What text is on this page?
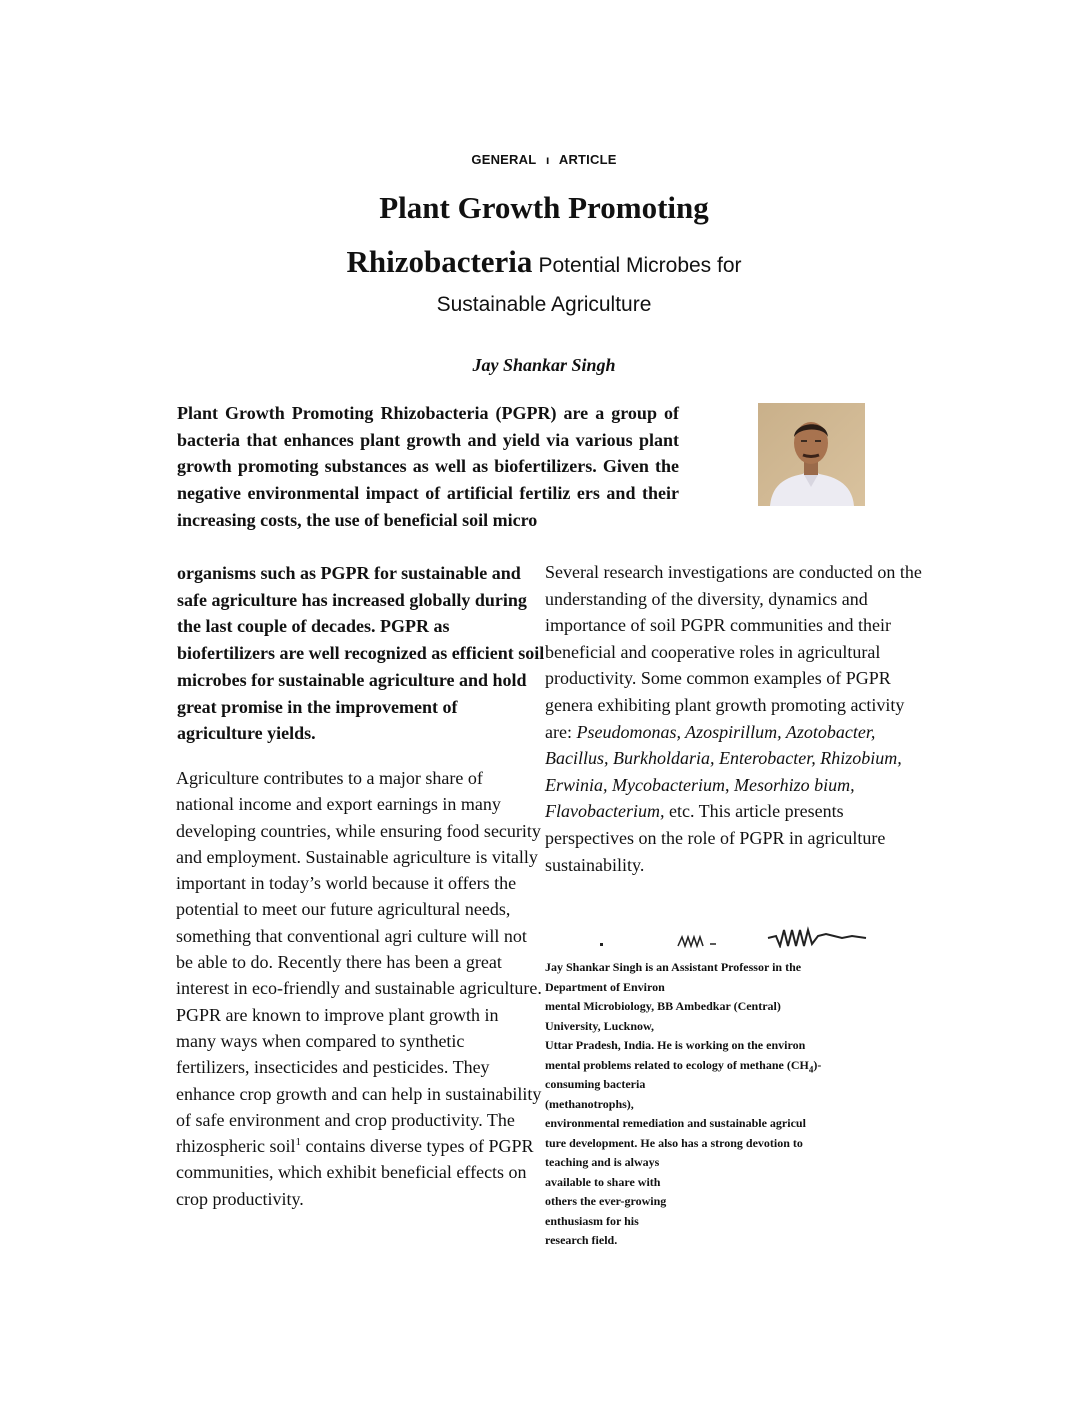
GENERAL Ⅰ ARTICLE
Plant Growth Promoting
Rhizobacteria Potential Microbes for
Sustainable Agriculture
Jay Shankar Singh

Plant Growth Promoting Rhizobacteria (PGPR) are a group of bacteria that enhances plant growth and yield via various plant growth promoting substances as well as biofertilizers. Given the negative environmental impact of artificial fertiliz ers and their increasing costs, the use of beneficial soil micro

organisms such as PGPR for sustainable and safe agriculture has increased globally during the last couple of decades. PGPR as biofertilizers are well recognized as efficient soil microbes for sustainable agriculture and hold great promise in the improvement of agriculture yields.

Agriculture contributes to a major share of national income and export earnings in many developing countries, while ensuring food security and employment. Sustainable agriculture is vitally important in today’s world because it offers the potential to meet our future agricultural needs, something that conventional agri culture will not be able to do. Recently there has been a great interest in eco-friendly and sustainable agriculture. PGPR are known to improve plant growth in many ways when compared to synthetic fertilizers, insecticides and pesticides. They enhance crop growth and can help in sustainability of safe environment and crop productivity. The rhizospheric soil$^1$ contains diverse types of PGPR communities, which exhibit beneficial effects on crop productivity.

Several research investigations are conducted on the understanding of the diversity, dynamics and importance of soil PGPR communities and their beneficial and cooperative roles in agricultural productivity. Some common examples of PGPR genera exhibiting plant growth promoting activity are: Pseudomonas, Azospirillum, Azotobacter, Bacillus, Burkholdaria, Enterobacter, Rhizobium, Erwinia, Mycobacterium, Mesorhizo bium, Flavobacterium, etc. This article presents perspectives on the role of PGPR in agriculture sustainability.

Jay Shankar Singh is an Assistant Professor in the
Department of Environ
mental Microbiology, BB Ambedkar (Central)
University, Lucknow,
Uttar Pradesh, India. He is working on the environ
mental problems related to ecology of methane $(CH_4)-$
consuming bacteria
(methanotrophs),
environmental remediation and sustainable agricul
ture development. He also has a strong devotion to
teaching and is always
available to share with
others the ever-growing
enthusiasm for his
research field.
